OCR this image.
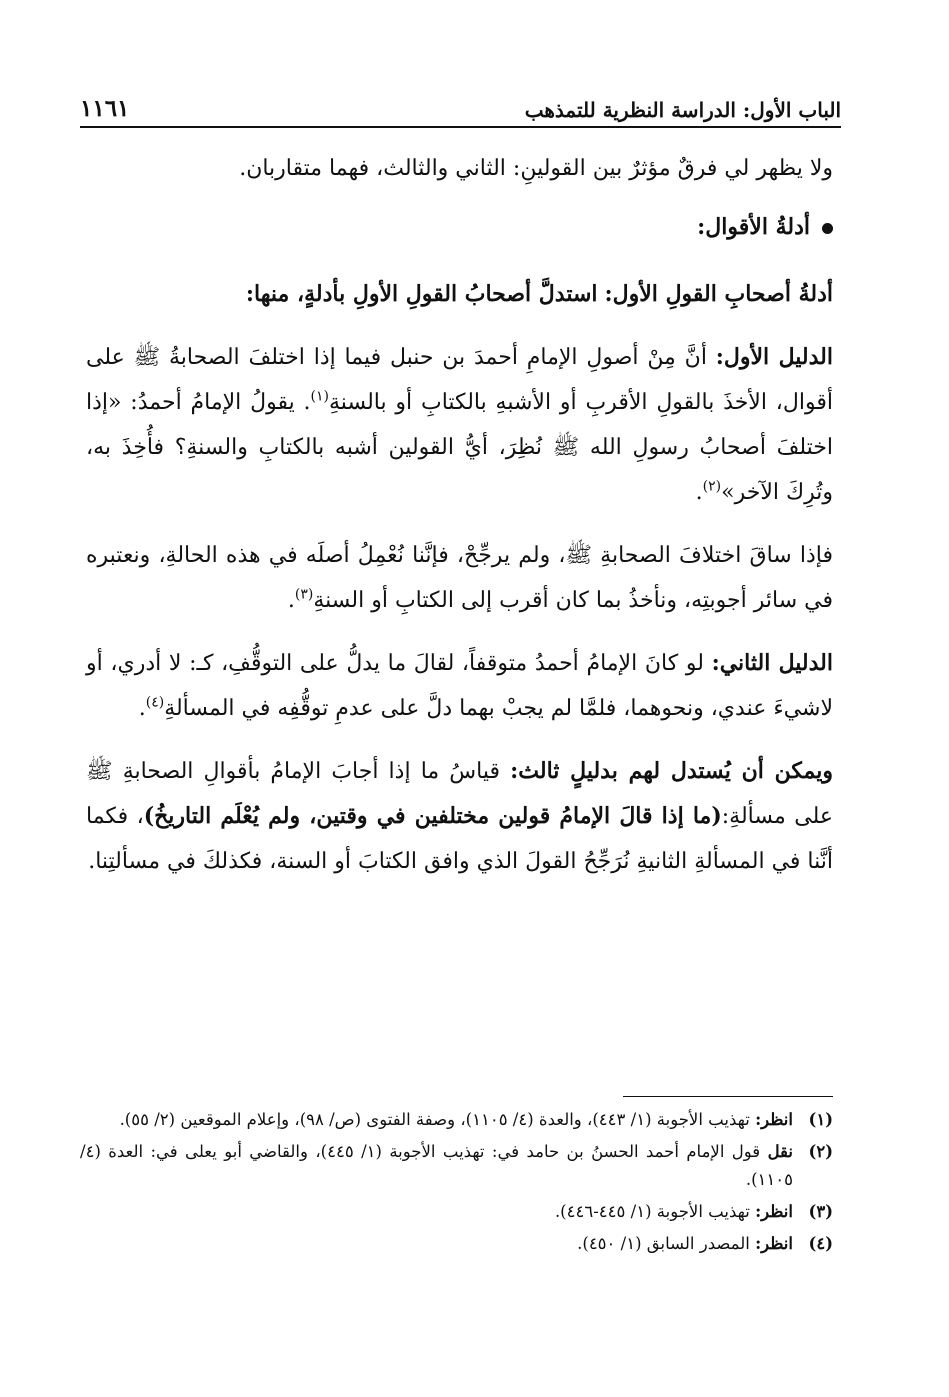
١١٦١	الباب الأول: الدراسة النظرية للتمذهب

ولا يظهر لي فرقٌ مؤثرٌ بين القولينِ: الثاني والثالث، فهما متقاربان.

أدلةُ الأقوال:

أدلةُ أصحابِ القولِ الأول: استدلَّ أصحابُ القولِ الأولِ بأدلةٍ، منها:

الدليل الأول: أنَّ مِنْ أصولِ الإمامِ أحمدَ بن حنبل فيما إذا اختلفَ الصحابةُ ﷺ على أقوال، الأخذَ بالقولِ الأقربِ أو الأشبهِ بالكتابِ أو بالسنةِ$^{(١)}$. يقولُ الإمامُ أحمدُ: «إذا اختلفَ أصحابُ رسولِ الله ﷺ نُظِرَ، أيُّ القولين أشبه بالكتابِ والسنةِ؟ فأُخِذَ به، وتُرِكَ الآخر»$^{(٢)}$.

فإذا ساقَ اختلافَ الصحابةِ ﷺ، ولم يرجِّحْ، فإنَّنا نُعْمِلُ أصلَه في هذه الحالةِ، ونعتبره في سائر أجوبتِه، ونأخذُ بما كان أقرب إلى الكتابِ أو السنةِ$^{(٣)}$.

الدليل الثاني: لو كانَ الإمامُ أحمدُ متوقفاً، لقالَ ما يدلُّ على التوقُّفِ، كـ: لا أدري، أو لاشيءَ عندي، ونحوهما، فلمَّا لم يجبْ بهما دلَّ على عدمِ توقُّفِه في المسألةِ$^{(٤)}$.

ويمكن أن يُستدل لهم بدليلٍ ثالث: قياسُ ما إذا أجابَ الإمامُ بأقوالِ الصحابةِ ﷺ على مسألةِ:(ما إذا قالَ الإمامُ قولين مختلفين في وقتين، ولم يُعْلَم التاريخُ)، فكما أنَّنا في المسألةِ الثانيةِ نُرَجِّحُ القولَ الذي وافق الكتابَ أو السنة، فكذلكَ في مسألتِنا.

(١)
انظر: تهذيب الأجوبة (١/ ٤٤٣)، والعدة (٤/ ١١٠٥)، وصفة الفتوى (ص/ ٩٨)، وإعلام الموقعين (٢/ ٥٥).
(٢)
نقل قول الإمام أحمد الحسنُ بن حامد في: تهذيب الأجوبة (١/ ٤٤٥)، والقاضي أبو يعلى في: العدة (٤/ ١١٠٥).
(٣)
انظر: تهذيب الأجوبة (١/ ٤٤٥-٤٤٦).
(٤)
انظر: المصدر السابق (١/ ٤٥٠).
